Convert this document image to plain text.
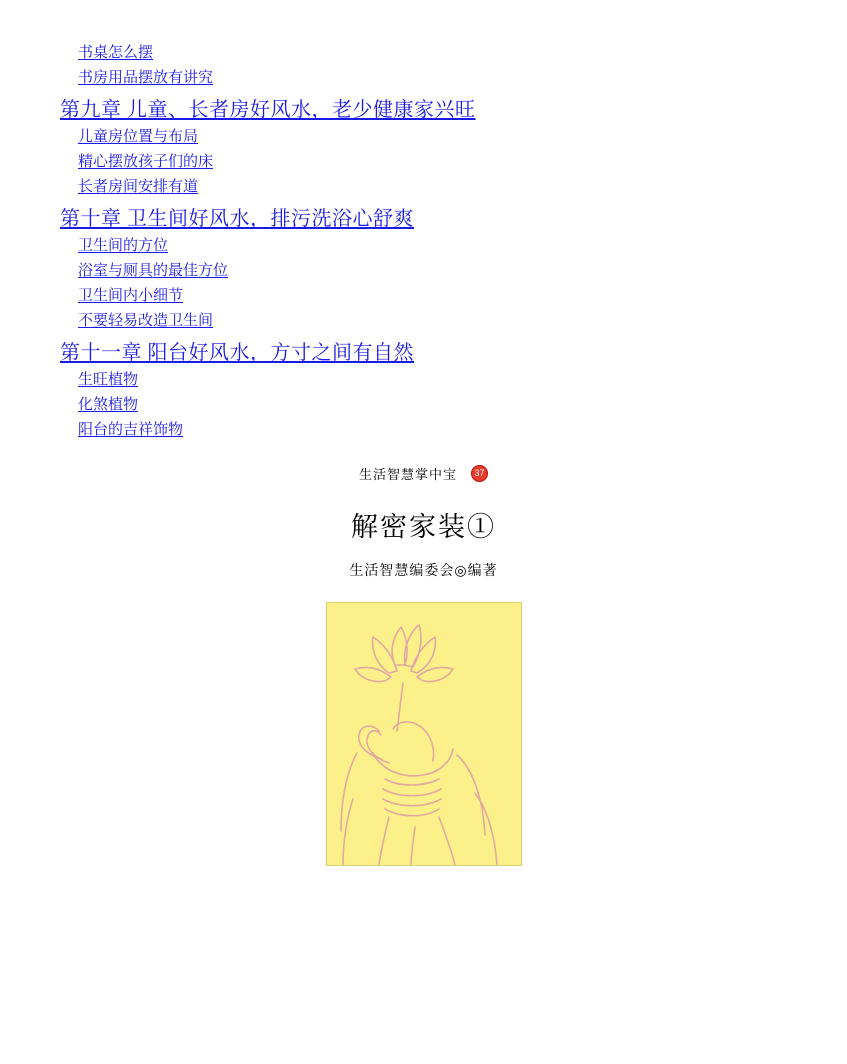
书桌怎么摆
书房用品摆放有讲究
第九章 儿童、长者房好风水，老少健康家兴旺
儿童房位置与布局
精心摆放孩子们的床
长者房间安排有道
第十章 卫生间好风水，排污洗浴心舒爽
卫生间的方位
浴室与厕具的最佳方位
卫生间内小细节
不要轻易改造卫生间
第十一章 阳台好风水，方寸之间有自然
生旺植物
化煞植物
阳台的吉祥饰物
生活智慧掌中宝	37
解密家装①
生活智慧编委会◎编著
